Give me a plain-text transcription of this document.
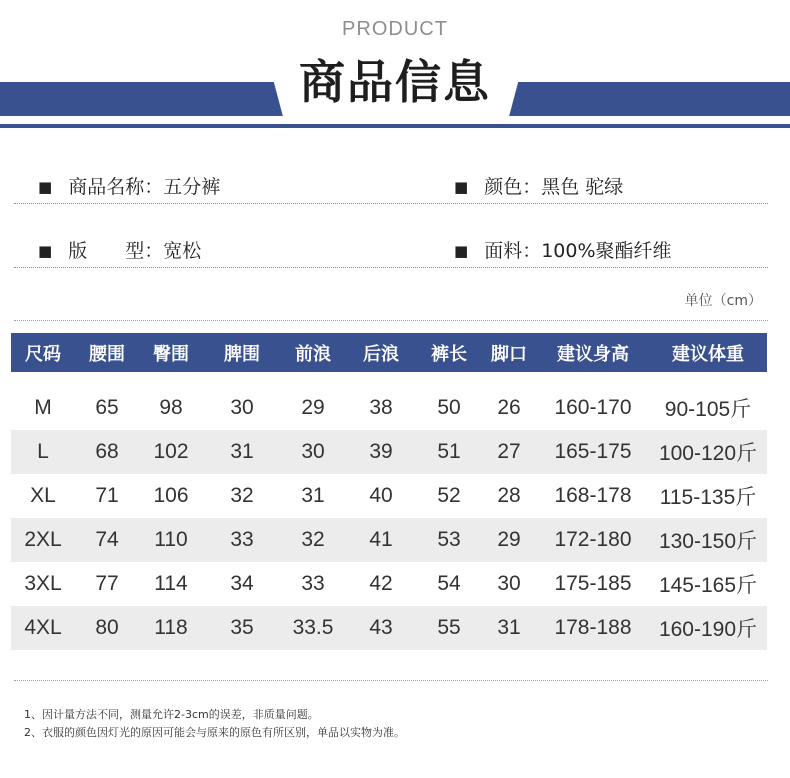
PRODUCT
商品信息
■ 商品名称：五分裤	■ 颜色：黑色 驼绿
■ 版　　型：宽松	■ 面料：100%聚酯纤维
单位（cm）
尺码	腰围	臀围	脾围	前浪	后浪	裤长	脚口	建议身高	建议体重
M	65	98	30	29	38	50	26	160-170	90-105斤
L	68	102	31	30	39	51	27	165-175	100-120斤
XL	71	106	32	31	40	52	28	168-178	115-135斤
2XL	74	110	33	32	41	53	29	172-180	130-150斤
3XL	77	114	34	33	42	54	30	175-185	145-165斤
4XL	80	118	35	33.5	43	55	31	178-188	160-190斤
1、因计量方法不同，测量允许2-3cm的误差，非质量问题。
2、衣服的颜色因灯光的原因可能会与原来的原色有所区别，单品以实物为准。
